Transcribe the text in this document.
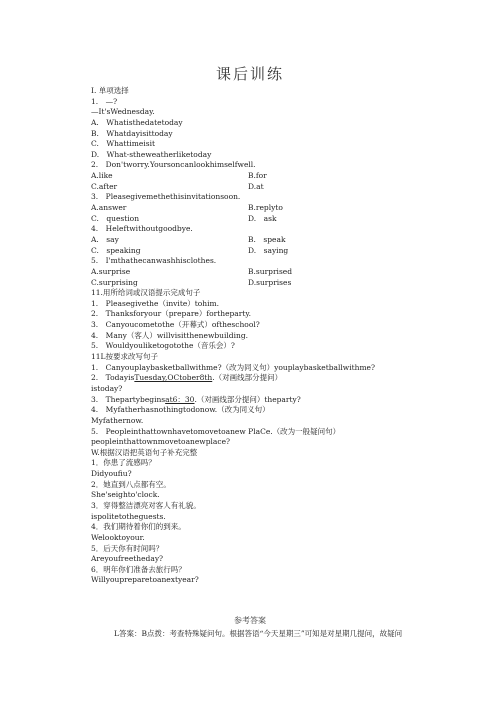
课后训练
I. 单项选择
1.　—?
—It'sWednesday.
A.　Whatisthedatetoday
B.　Whatdayisittoday
C.　Whattimeisit
D.　What-stheweatherliketoday
2.　Don'tworry.Yoursoncanlookhimselfwell.
A.like	B.for
C.after	D.at
3.　Pleasegivemethethisinvitationsoon.
A.answer	B.replyto
C.　question	D.　ask
4.　Heleftwithoutgoodbye.
A.　say	B.　speak
C.　speaking	D.　saying
5.　I'mthathecanwashhisclothes.
A.surprise	B.surprised
C.surprising	D.surprises
11.用所给词或汉语提示完成句子
1.　Pleasegivethe（invite）tohim.
2.　Thanksforyour（prepare）fortheparty.
3.　Canyoucometothe（开幕式）oftheschool?
4.　Many（客人）willvisitthenewbuilding.
5.　Wouldyouliketogotothe（音乐会）?
11L按要求改写句子
1.　Canyouplaybasketballwithme?（改为同义句）youplaybasketballwithme?
2.　TodayisTuesday,OCtober8th.（对画线部分提问）
istoday?
3.　Thepartybeginsat6：30.（对画线部分提问）theparty?
4.　Myfatherhasnothingtodonow.（改为同义句）
Myfathernow.
5.　Peopleinthattownhavetomovetoanew PlaCe.（改为一般疑问句）
peopleinthattownmovetoanewplace?
W.根据汉语把英语句子补充完整
1．你患了流感吗？
Didyoufiu?
2．她直到八点都有空。
She'seighto'clock.
3．穿得整洁漂亮对客人有礼貌。
ispolitetotheguests.
4．我们期待着你们的到来。
Welooktoyour.
5．后天你有时间吗？
Areyoufreetheday?
6．明年你们准备去旅行吗？
Willyoupreparetoanextyear?
参考答案
L答案：B点拨：考查特殊疑问句。根据答语“今天星期三”可知是对星期几提问，故疑问
